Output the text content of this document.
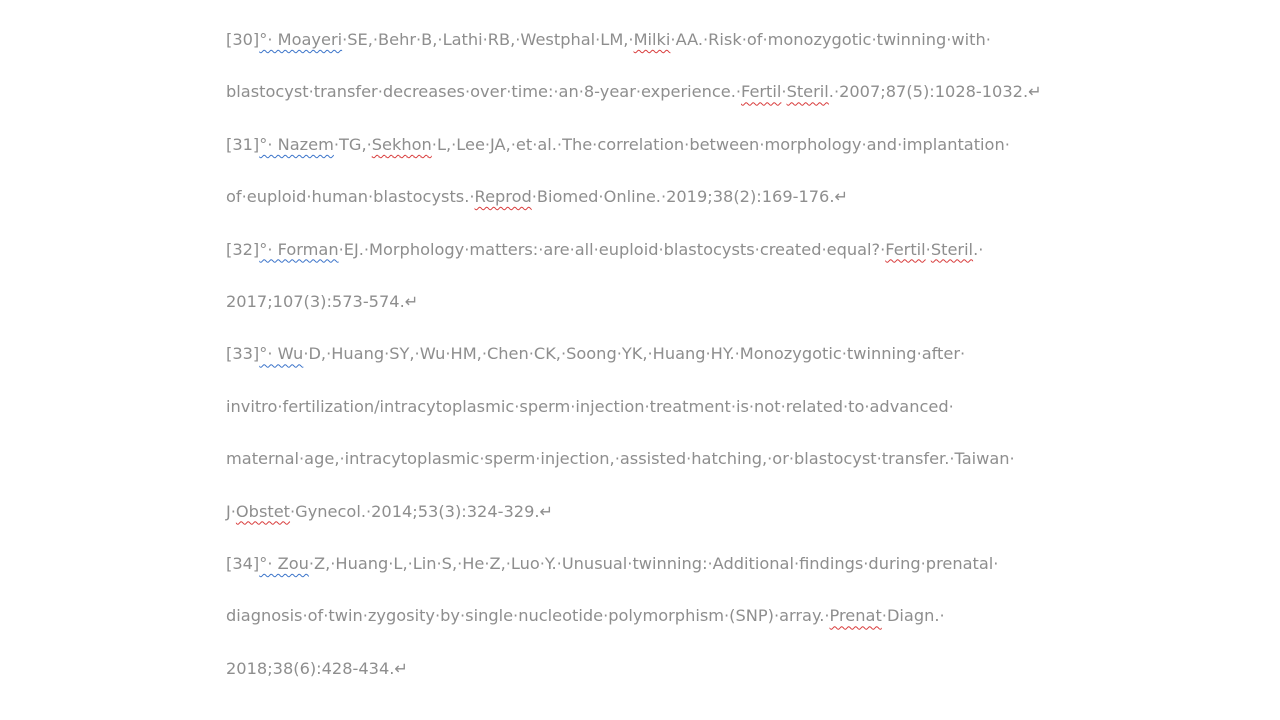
[30]°· Moayeri·SE,·Behr·B,·Lathi·RB,·Westphal·LM,·Milki·AA.·Risk·of·monozygotic·twinning·with·
blastocyst·transfer·decreases·over·time:·an·8-year·experience.·Fertil·Steril.·2007;87(5):1028-1032.↵
[31]°· Nazem·TG,·Sekhon·L,·Lee·JA,·et·al.·The·correlation·between·morphology·and·implantation·
of·euploid·human·blastocysts.·Reprod·Biomed·Online.·2019;38(2):169-176.↵
[32]°· Forman·EJ.·Morphology·matters:·are·all·euploid·blastocysts·created·equal?·Fertil·Steril.·
2017;107(3):573-574.↵
[33]°· Wu·D,·Huang·SY,·Wu·HM,·Chen·CK,·Soong·YK,·Huang·HY.·Monozygotic·twinning·after·
invitro·fertilization/intracytoplasmic·sperm·injection·treatment·is·not·related·to·advanced·
maternal·age,·intracytoplasmic·sperm·injection,·assisted·hatching,·or·blastocyst·transfer.·Taiwan·
J·Obstet·Gynecol.·2014;53(3):324-329.↵
[34]°· Zou·Z,·Huang·L,·Lin·S,·He·Z,·Luo·Y.·Unusual·twinning:·Additional·findings·during·prenatal·
diagnosis·of·twin·zygosity·by·single·nucleotide·polymorphism·(SNP)·array.·Prenat·Diagn.·
2018;38(6):428-434.↵
